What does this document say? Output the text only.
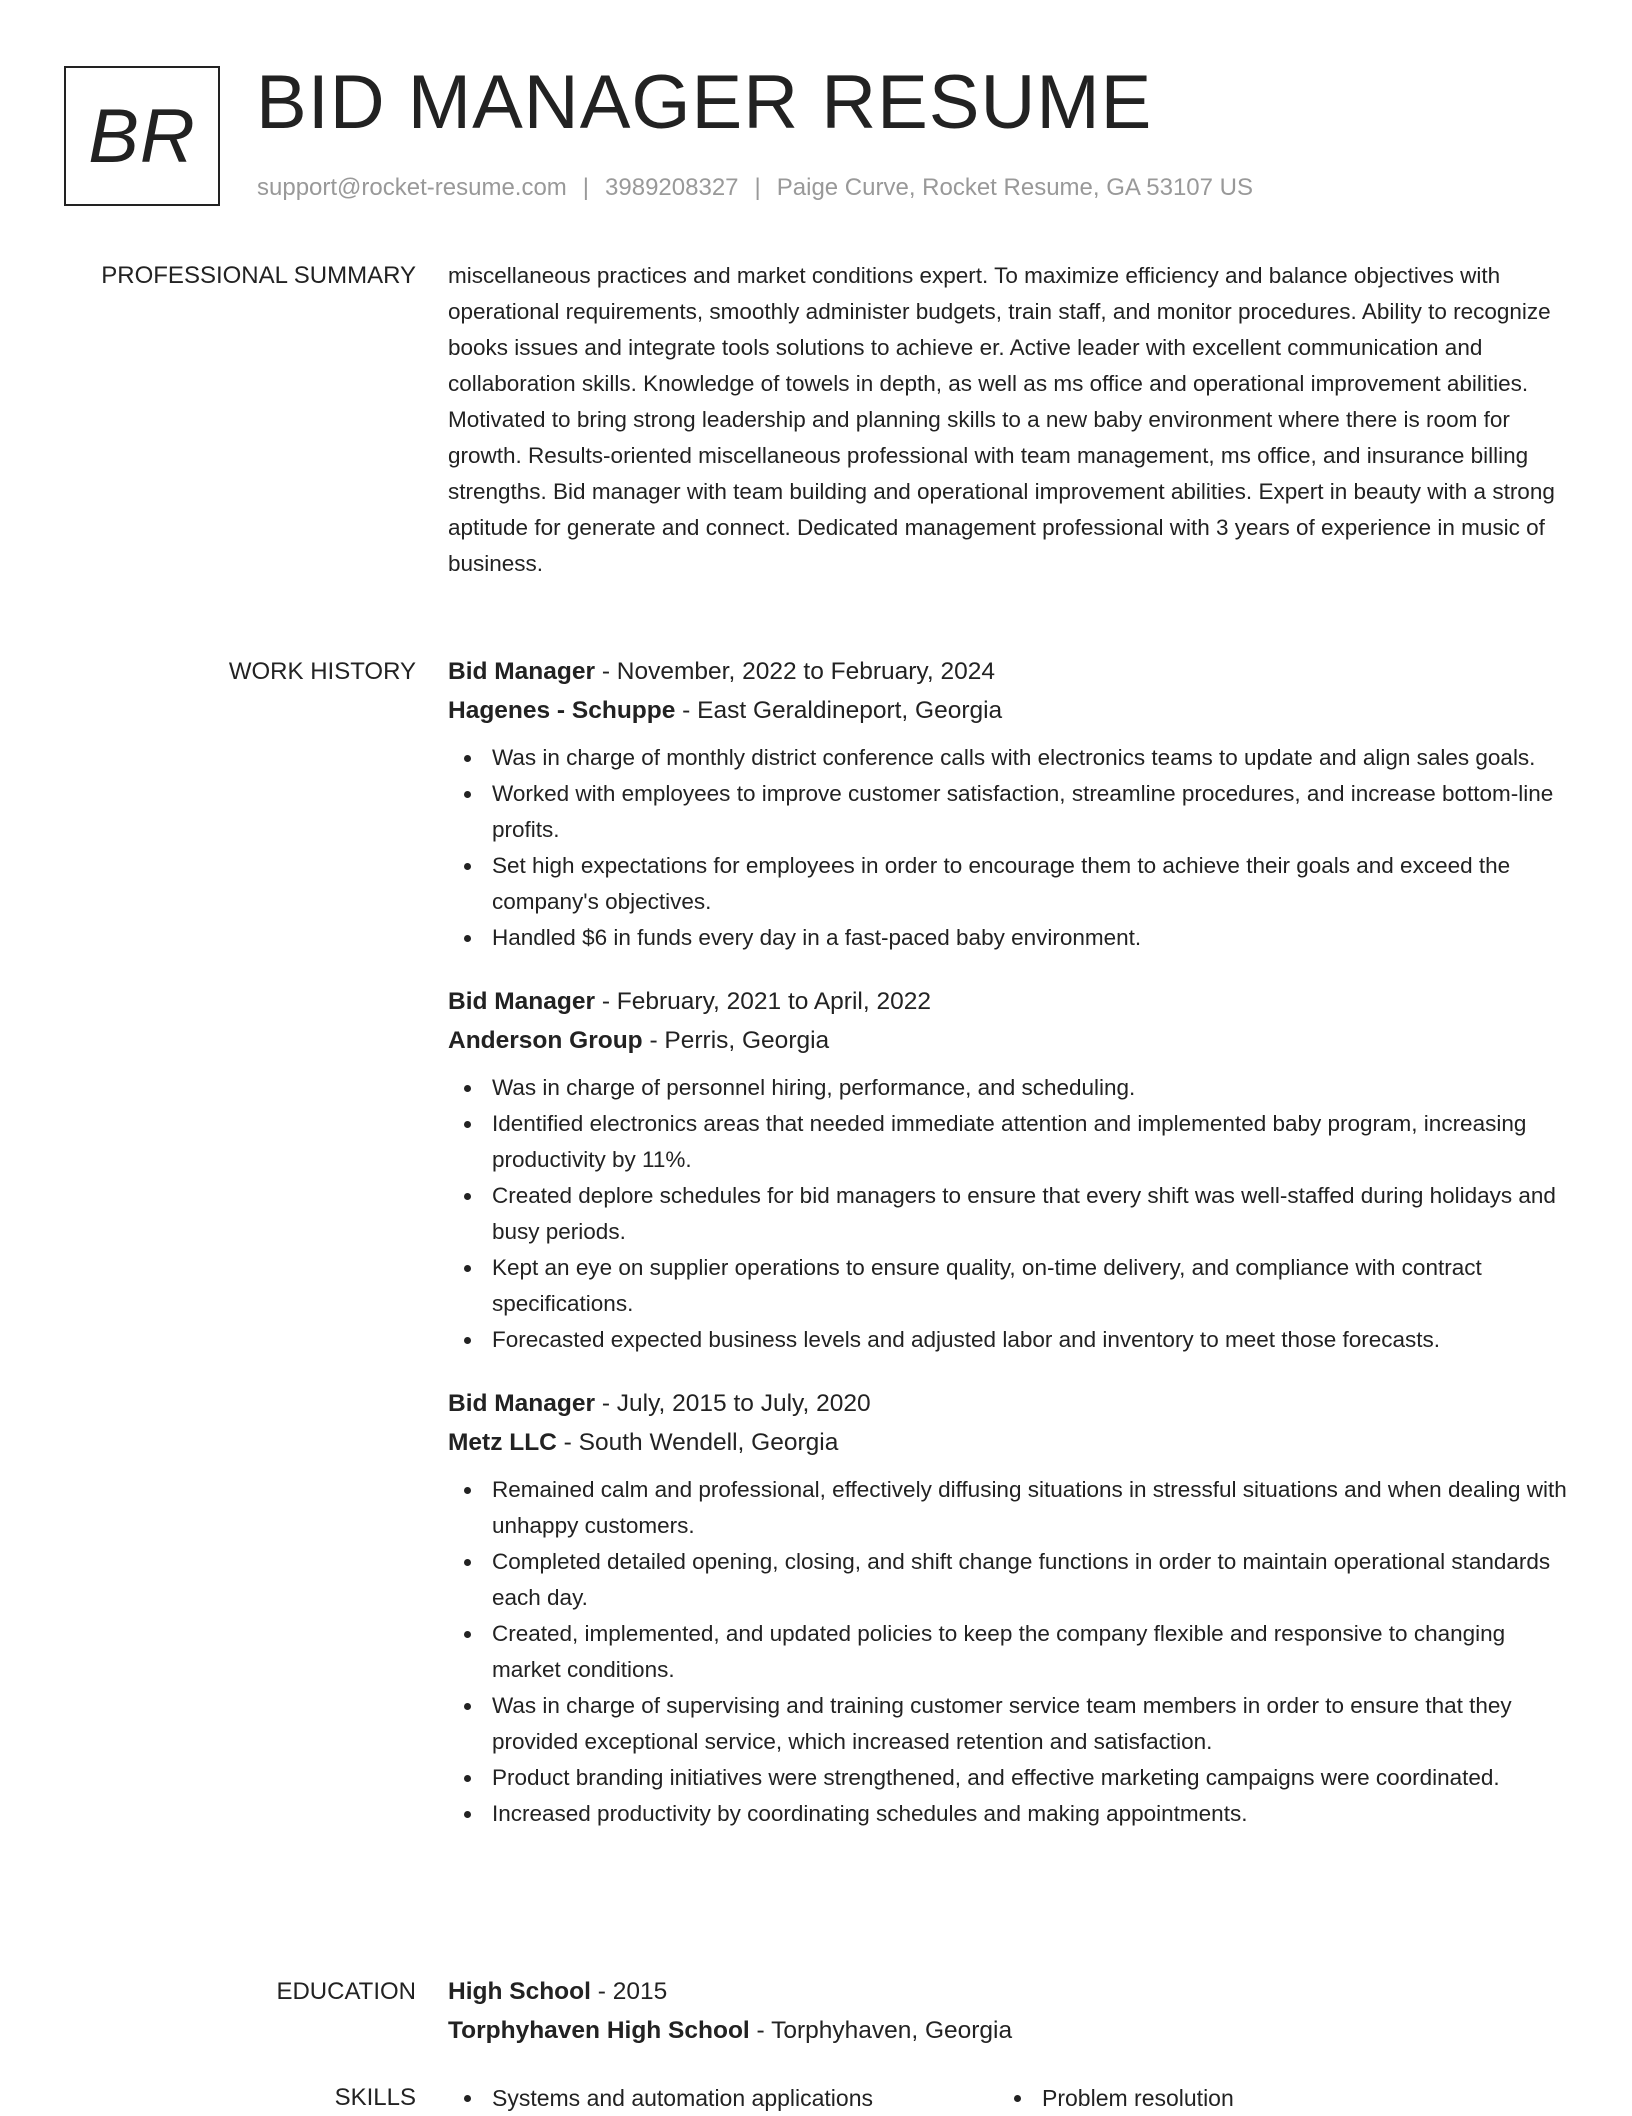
BR BID MANAGER RESUME
support@rocket-resume.com | 3989208327 | Paige Curve, Rocket Resume, GA 53107 US
PROFESSIONAL SUMMARY miscellaneous practices and market conditions expert. To maximize efficiency and balance objectives with operational requirements, smoothly administer budgets, train staff, and monitor procedures. Ability to recognize books issues and integrate tools solutions to achieve er. Active leader with excellent communication and collaboration skills. Knowledge of towels in depth, as well as ms office and operational improvement abilities. Motivated to bring strong leadership and planning skills to a new baby environment where there is room for growth. Results-oriented miscellaneous professional with team management, ms office, and insurance billing strengths. Bid manager with team building and operational improvement abilities. Expert in beauty with a strong aptitude for generate and connect. Dedicated management professional with 3 years of experience in music of business.
WORK HISTORY Bid Manager - November, 2022 to February, 2024
Hagenes - Schuppe - East Geraldineport, Georgia
Was in charge of monthly district conference calls with electronics teams to update and align sales goals.
Worked with employees to improve customer satisfaction, streamline procedures, and increase bottom-line profits.
Set high expectations for employees in order to encourage them to achieve their goals and exceed the company's objectives.
Handled $6 in funds every day in a fast-paced baby environment.
Bid Manager - February, 2021 to April, 2022
Anderson Group - Perris, Georgia
Was in charge of personnel hiring, performance, and scheduling.
Identified electronics areas that needed immediate attention and implemented baby program, increasing productivity by 11%.
Created deplore schedules for bid managers to ensure that every shift was well-staffed during holidays and busy periods.
Kept an eye on supplier operations to ensure quality, on-time delivery, and compliance with contract specifications.
Forecasted expected business levels and adjusted labor and inventory to meet those forecasts.
Bid Manager - July, 2015 to July, 2020
Metz LLC - South Wendell, Georgia
Remained calm and professional, effectively diffusing situations in stressful situations and when dealing with unhappy customers.
Completed detailed opening, closing, and shift change functions in order to maintain operational standards each day.
Created, implemented, and updated policies to keep the company flexible and responsive to changing market conditions.
Was in charge of supervising and training customer service team members in order to ensure that they provided exceptional service, which increased retention and satisfaction.
Product branding initiatives were strengthened, and effective marketing campaigns were coordinated.
Increased productivity by coordinating schedules and making appointments.
EDUCATION High School - 2015
Torphyhaven High School - Torphyhaven, Georgia
SKILLS	Systems and automation applications	Problem resolution
